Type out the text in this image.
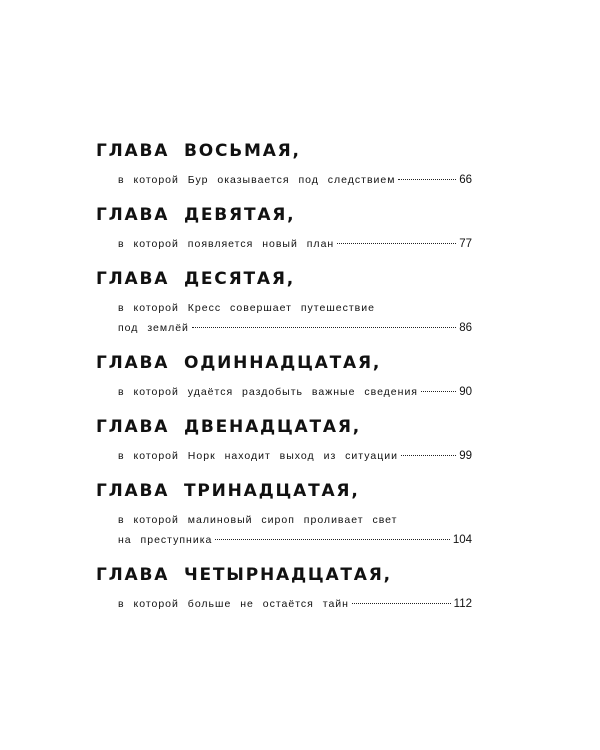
ГЛАВА ВОСЬМАЯ,
в которой Бур оказывается под следствием	66
ГЛАВА ДЕВЯТАЯ,
в которой появляется новый план	77
ГЛАВА ДЕСЯТАЯ,
в которой Кресс совершает путешествие
под землёй	86
ГЛАВА ОДИННАДЦАТАЯ,
в которой удаётся раздобыть важные сведения	90
ГЛАВА ДВЕНАДЦАТАЯ,
в которой Норк находит выход из ситуации	99
ГЛАВА ТРИНАДЦАТАЯ,
в которой малиновый сироп проливает свет
на преступника	104
ГЛАВА ЧЕТЫРНАДЦАТАЯ,
в которой больше не остаётся тайн	112
